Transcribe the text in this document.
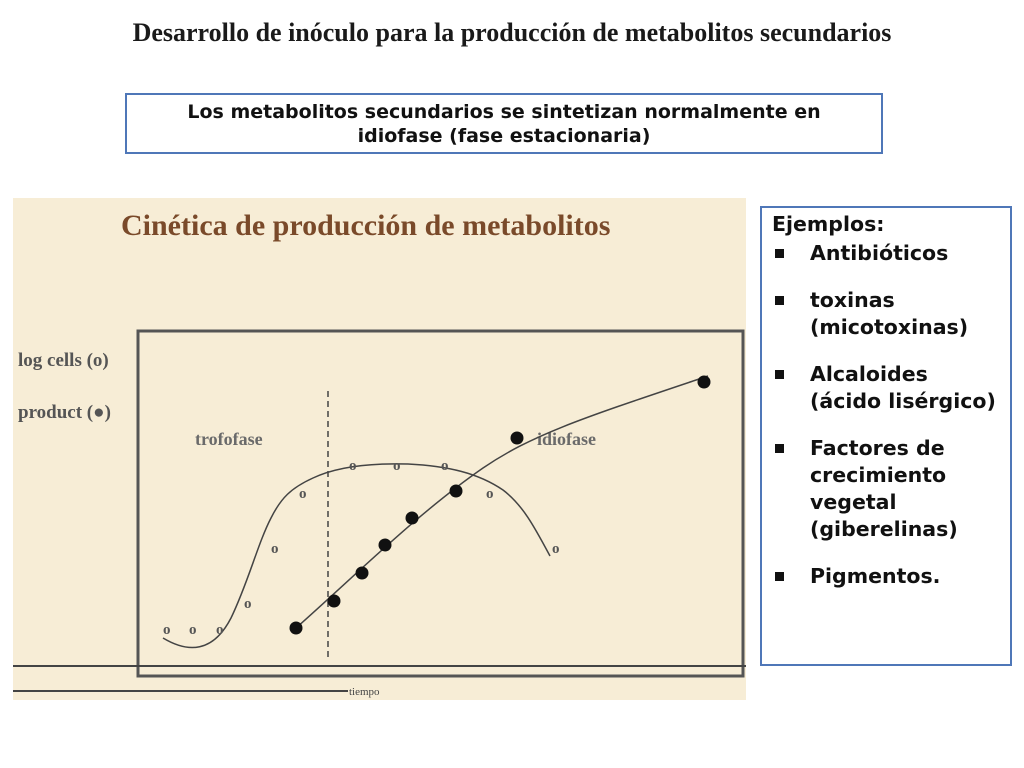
Desarrollo de inóculo para la producción de metabolitos secundarios
Los metabolitos secundarios se sintetizan normalmente en
idiofase (fase estacionaria)
Cinética de producción de metabolitos
log cells (o)
product (●)
tiempo
trofofase	idiofase
o o o
o
o
o
o o	o
o
o
Ejemplos:
Antibióticos
toxinas
(micotoxinas)
Alcaloides
(ácido lisérgico)
Factores de
crecimiento
vegetal
(giberelinas)
Pigmentos.
